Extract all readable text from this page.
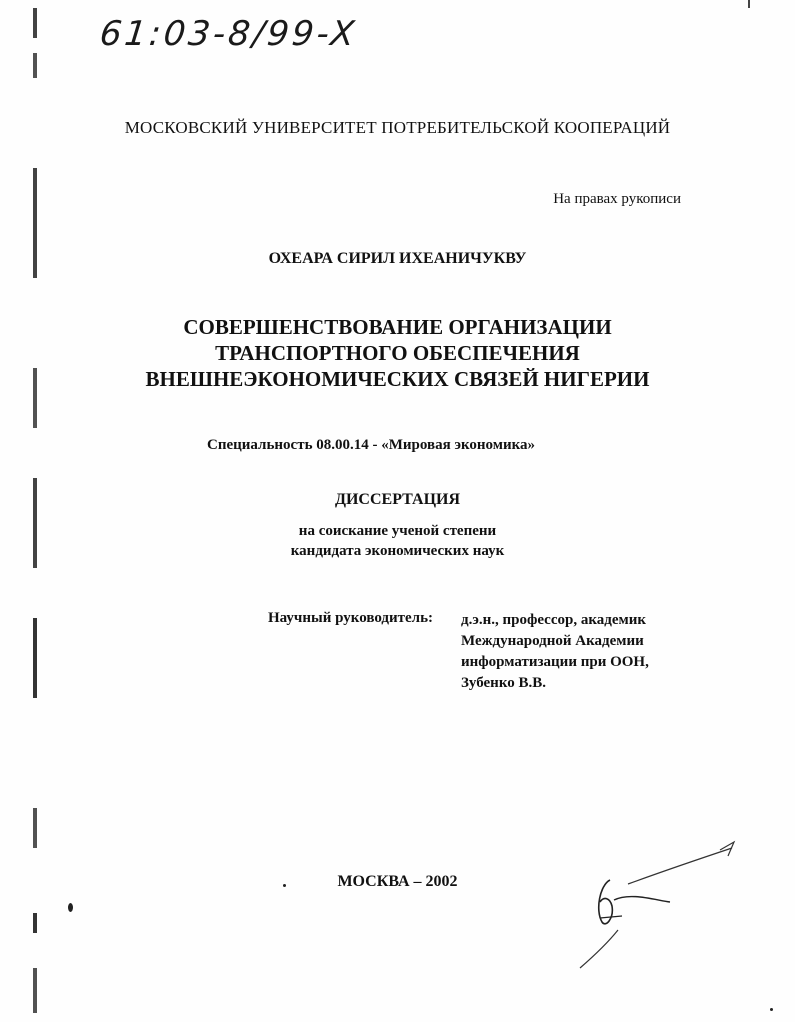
61:03-8/99-X
МОСКОВСКИЙ УНИВЕРСИТЕТ ПОТРЕБИТЕЛЬСКОЙ КООПЕРАЦИЙ
На правах рукописи
ОХЕАРА СИРИЛ ИХЕАНИЧУКВУ
СОВЕРШЕНСТВОВАНИЕ ОРГАНИЗАЦИИ
ТРАНСПОРТНОГО ОБЕСПЕЧЕНИЯ
ВНЕШНЕЭКОНОМИЧЕСКИХ СВЯЗЕЙ НИГЕРИИ
Специальность 08.00.14 - «Мировая экономика»
ДИССЕРТАЦИЯ
на соискание ученой степени
кандидата экономических наук
Научный руководитель: д.э.н., профессор, академик
Международной Академии
информатизации при ООН,
Зубенко В.В.
МОСКВА – 2002
